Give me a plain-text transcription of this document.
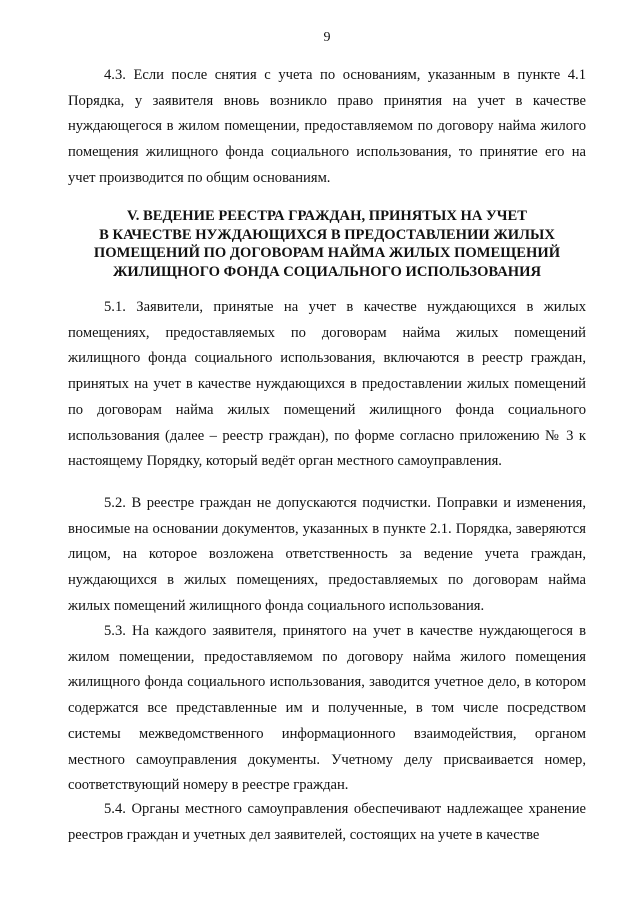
9

4.3. Если после снятия с учета по основаниям, указанным в пункте 4.1 Порядка, у заявителя вновь возникло право принятия на учет в качестве нуждающегося в жилом помещении, предоставляемом по договору найма жилого помещения жилищного фонда социального использования, то принятие его на учет производится по общим основаниям.

V. ВЕДЕНИЕ РЕЕСТРА ГРАЖДАН, ПРИНЯТЫХ НА УЧЕТ
В КАЧЕСТВЕ НУЖДАЮЩИХСЯ В ПРЕДОСТАВЛЕНИИ ЖИЛЫХ
ПОМЕЩЕНИЙ ПО ДОГОВОРАМ НАЙМА ЖИЛЫХ ПОМЕЩЕНИЙ
ЖИЛИЩНОГО ФОНДА СОЦИАЛЬНОГО ИСПОЛЬЗОВАНИЯ

5.1. Заявители, принятые на учет в качестве нуждающихся в жилых помещениях, предоставляемых по договорам найма жилых помещений жилищного фонда социального использования, включаются в реестр граждан, принятых на учет в качестве нуждающихся в предоставлении жилых помещений по договорам найма жилых помещений жилищного фонда социального использования (далее – реестр граждан), по форме согласно приложению № 3 к настоящему Порядку, который ведёт орган местного самоуправления.

5.2. В реестре граждан не допускаются подчистки. Поправки и изменения, вносимые на основании документов, указанных в пункте 2.1. Порядка, заверяются лицом, на которое возложена ответственность за ведение учета граждан, нуждающихся в жилых помещениях, предоставляемых по договорам найма жилых помещений жилищного фонда социального использования.

5.3. На каждого заявителя, принятого на учет в качестве нуждающегося в жилом помещении, предоставляемом по договору найма жилого помещения жилищного фонда социального использования, заводится учетное дело, в котором содержатся все представленные им и полученные, в том числе посредством системы межведомственного информационного взаимодействия, органом местного самоуправления документы. Учетному делу присваивается номер, соответствующий номеру в реестре граждан.

5.4. Органы местного самоуправления обеспечивают надлежащее хранение реестров граждан и учетных дел заявителей, состоящих на учете в качестве
